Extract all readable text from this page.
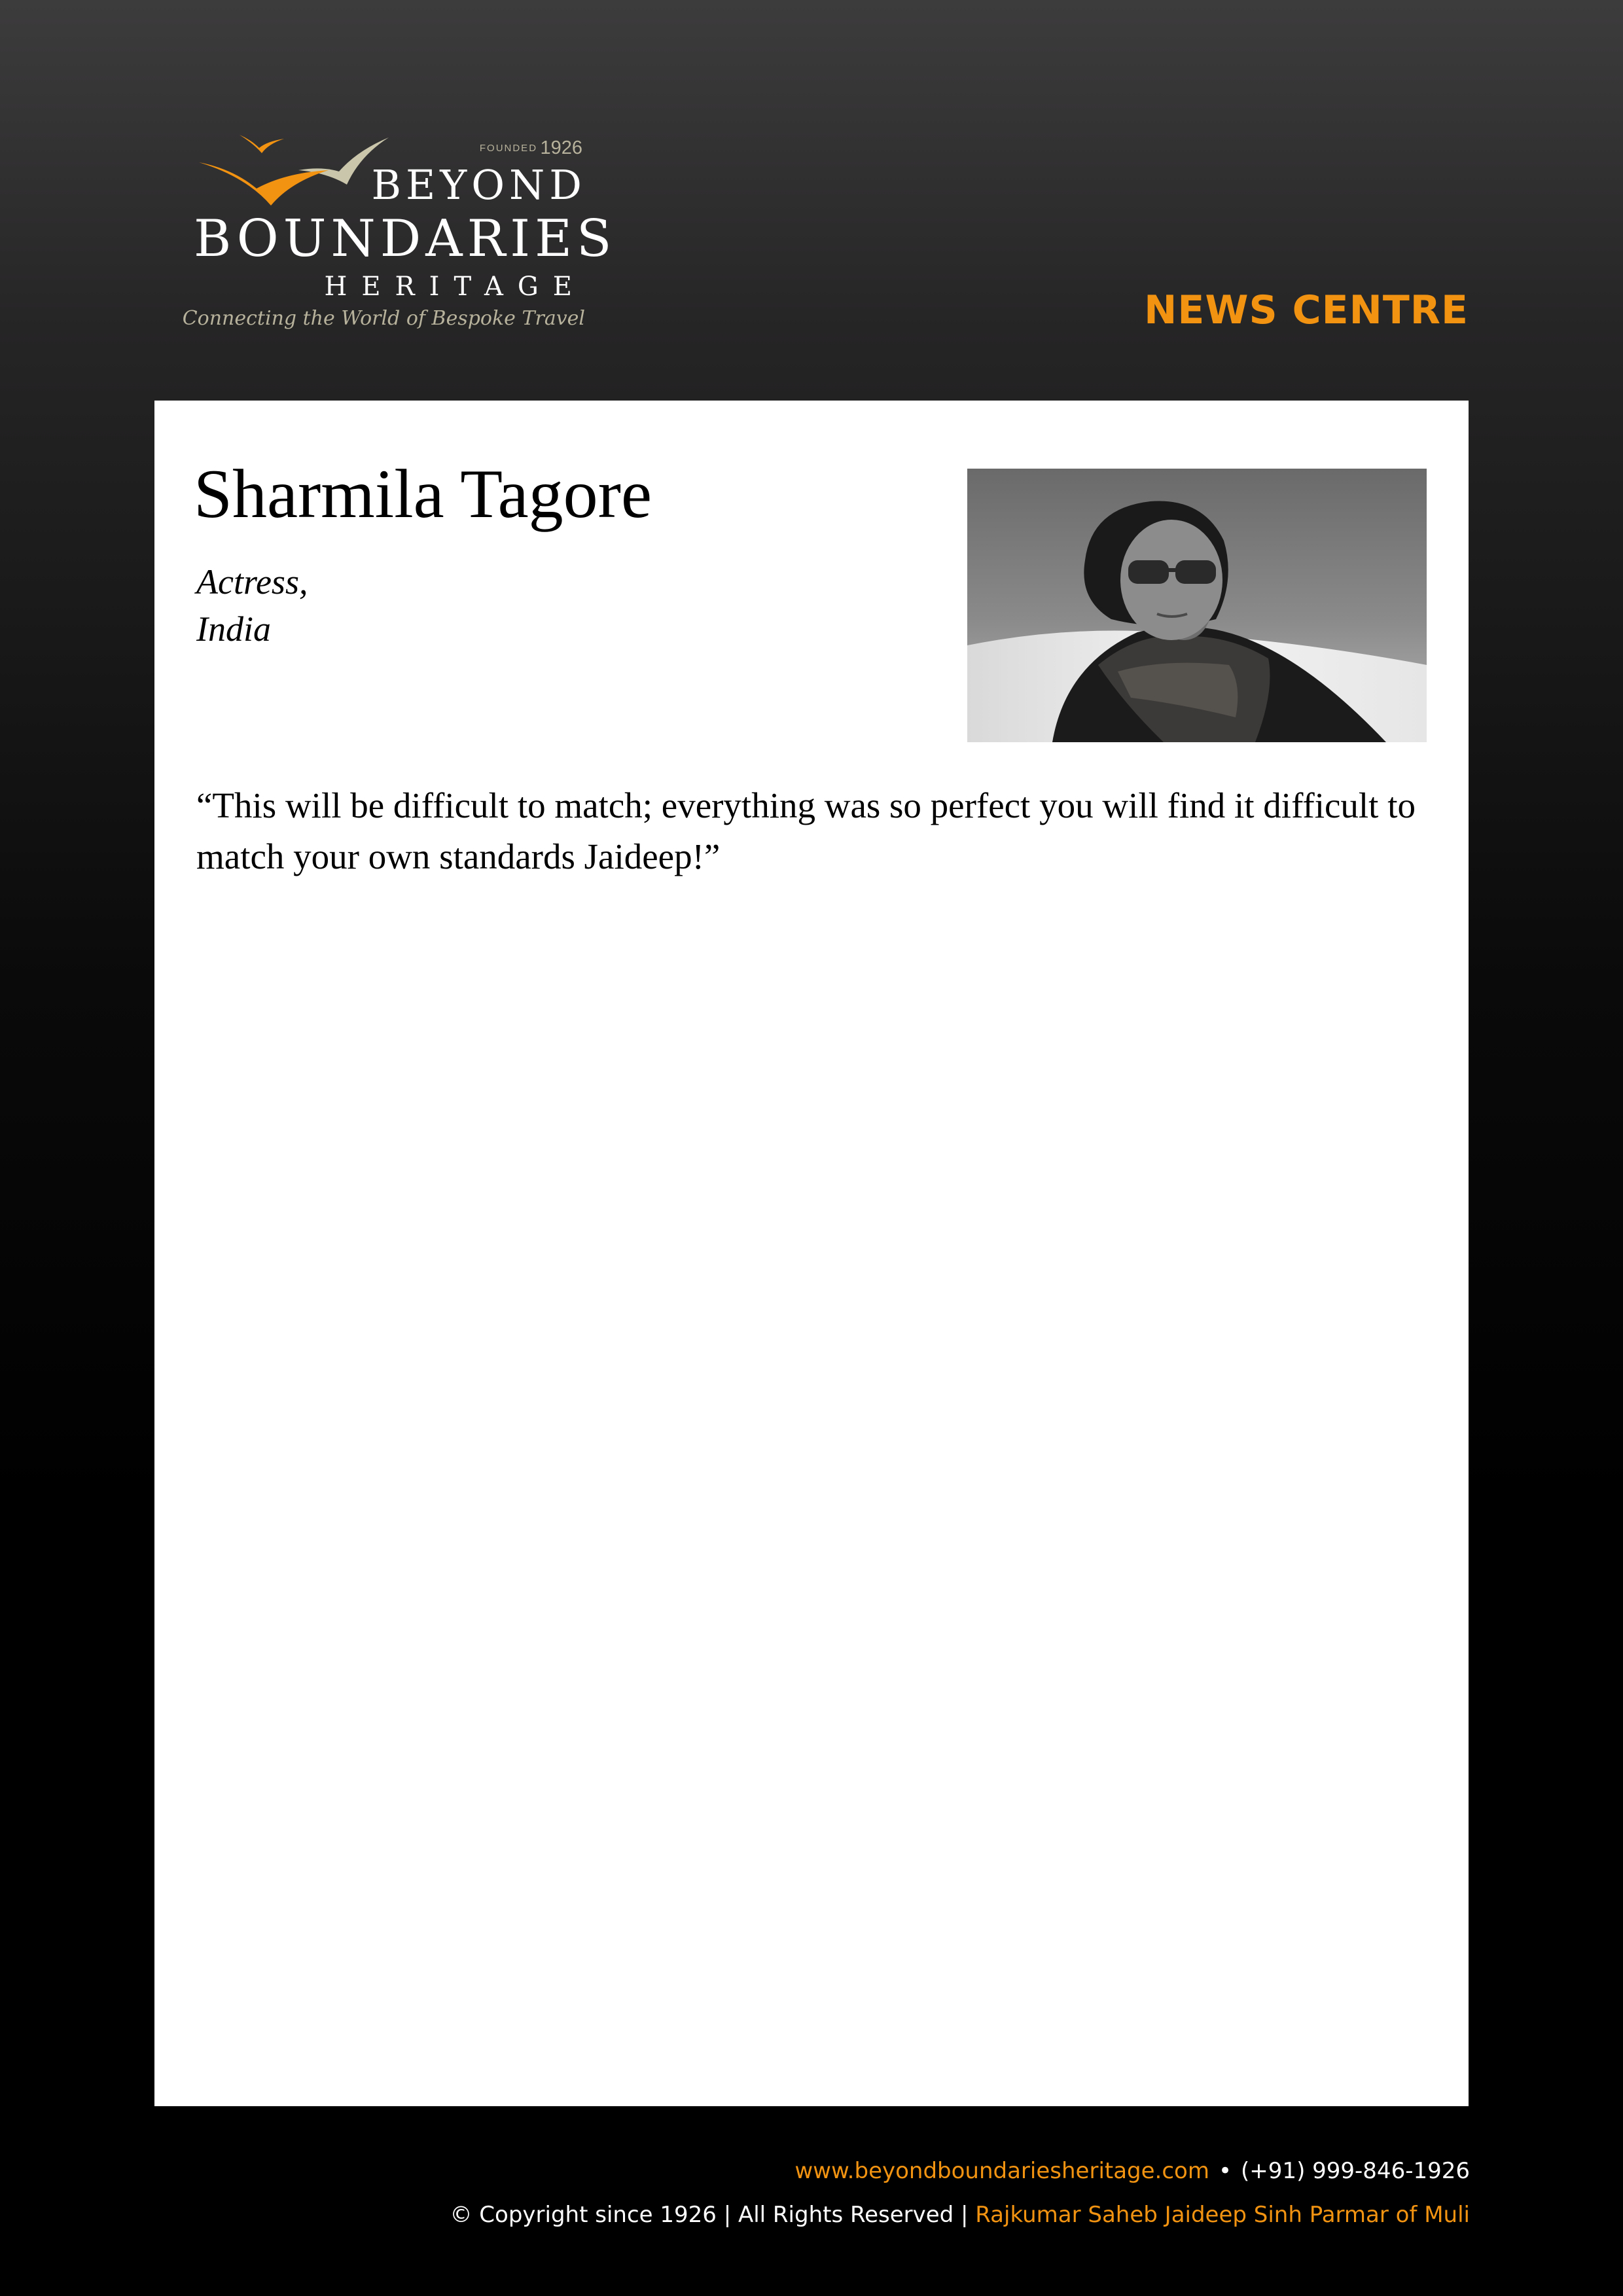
FOUNDED 1926
BEYOND
BOUNDARIES
HERITAGE
Connecting the World of Bespoke Travel	NEWS CENTRE
Sharmila Tagore
Actress,
India

“This will be difficult to match; everything was so perfect you will find it difficult to match your own standards Jaideep!”

www.beyondboundariesheritage.com • (+91) 999-846-1926
© Copyright since 1926 | All Rights Reserved | Rajkumar Saheb Jaideep Sinh Parmar of Muli
